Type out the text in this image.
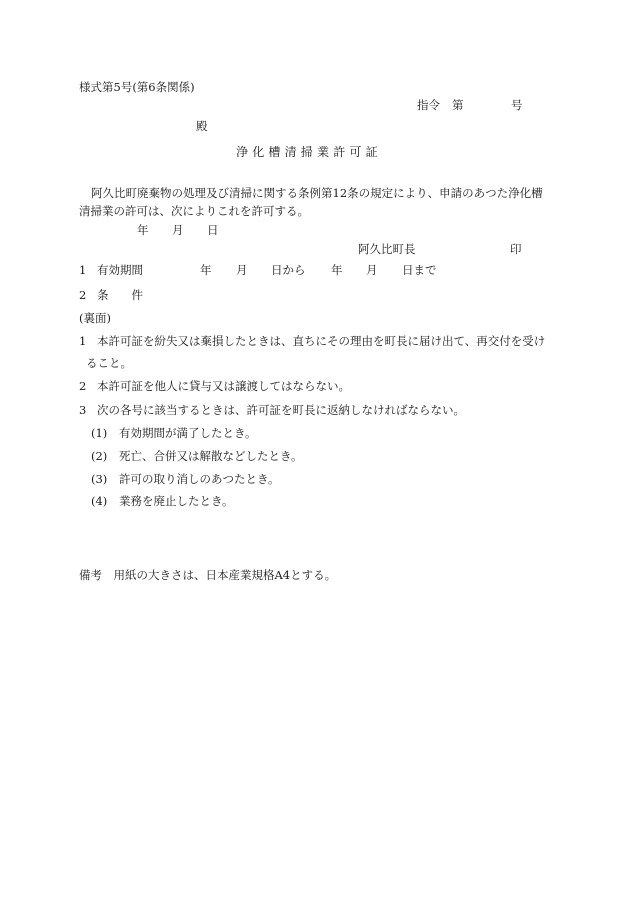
様式第5号(第6条関係)
指令 第	号
殿
浄化槽清掃業許可証
阿久比町廃棄物の処理及び清掃に関する条例第12条の規定により、申請のあつた浄化槽
清掃業の許可は、次によりこれを許可する。
年 月 日
阿久比町長	印
1 有効期間	年 月 日から 年 月 日まで
2 条　　件
(裏面)
1 本許可証を紛失又は棄損したときは、直ちにその理由を町長に届け出て、再交付を受け
ること。
2 本許可証を他人に貸与又は譲渡してはならない。
3 次の各号に該当するときは、許可証を町長に返納しなければならない。
(1) 有効期間が満了したとき。
(2) 死亡、合併又は解散などしたとき。
(3) 許可の取り消しのあつたとき。
(4) 業務を廃止したとき。
備考　用紙の大きさは、日本産業規格A4とする。
